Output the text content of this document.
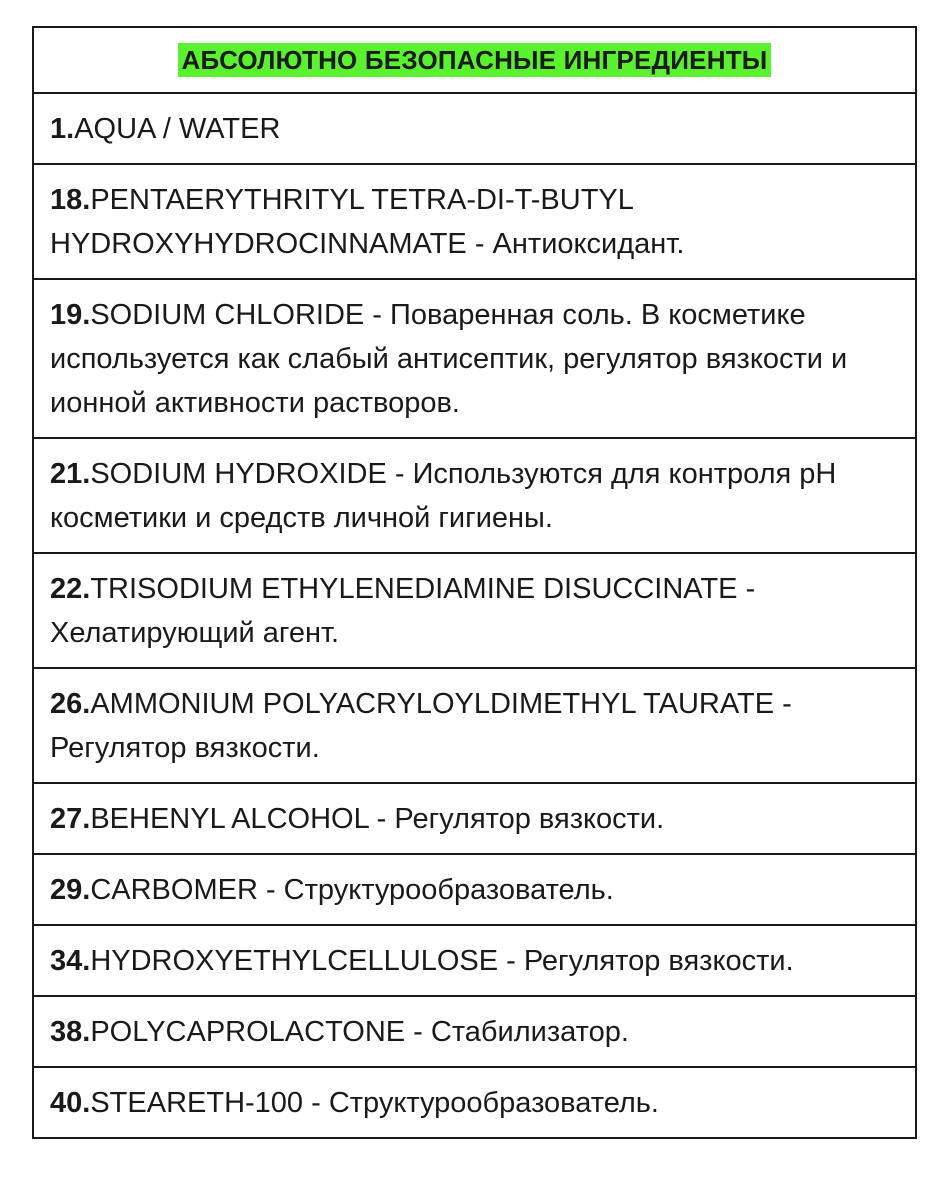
АБСОЛЮТНО БЕЗОПАСНЫЕ ИНГРЕДИЕНТЫ
1.AQUA / WATER
18.PENTAERYTHRITYL TETRA-DI-T-BUTYL HYDROXYHYDROCINNAMATE - Антиоксидант.
19.SODIUM CHLORIDE - Поваренная соль. В косметике используется как слабый антисептик, регулятор вязкости и ионной активности растворов.
21.SODIUM HYDROXIDE - Используются для контроля pH косметики и средств личной гигиены.
22.TRISODIUM ETHYLENEDIAMINE DISUCCINATE - Хелатирующий агент.
26.AMMONIUM POLYACRYLOYLDIMETHYL TAURATE - Регулятор вязкости.
27.BEHENYL ALCOHOL - Регулятор вязкости.
29.CARBOMER - Структурообразователь.
34.HYDROXYETHYLCELLULOSE - Регулятор вязкости.
38.POLYCAPROLACTONE - Стабилизатор.
40.STEARETH-100 - Структурообразователь.
